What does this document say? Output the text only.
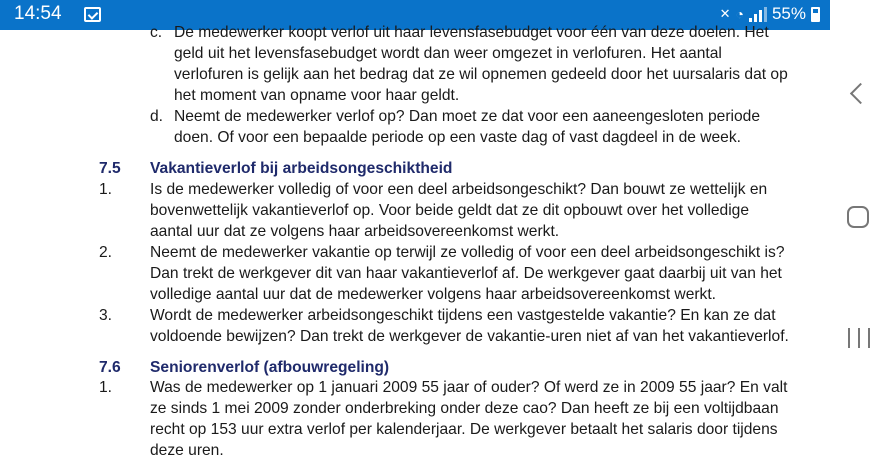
14:54	✕ ◔ 55%
c. De medewerker koopt verlof uit haar levensfasebudget voor één van deze doelen. Het
geld uit het levensfasebudget wordt dan weer omgezet in verlofuren. Het aantal
verlofuren is gelijk aan het bedrag dat ze wil opnemen gedeeld door het uursalaris dat op
het moment van opname voor haar geldt.
d. Neemt de medewerker verlof op? Dan moet ze dat voor een aaneengesloten periode
doen. Of voor een bepaalde periode op een vaste dag of vast dagdeel in de week.
7.5 Vakantieverlof bij arbeidsongeschiktheid
1. Is de medewerker volledig of voor een deel arbeidsongeschikt? Dan bouwt ze wettelijk en
bovenwettelijk vakantieverlof op. Voor beide geldt dat ze dit opbouwt over het volledige
aantal uur dat ze volgens haar arbeidsovereenkomst werkt.
2. Neemt de medewerker vakantie op terwijl ze volledig of voor een deel arbeidsongeschikt is?
Dan trekt de werkgever dit van haar vakantieverlof af. De werkgever gaat daarbij uit van het
volledige aantal uur dat de medewerker volgens haar arbeidsovereenkomst werkt.
3. Wordt de medewerker arbeidsongeschikt tijdens een vastgestelde vakantie? En kan ze dat
voldoende bewijzen? Dan trekt de werkgever de vakantie-uren niet af van het vakantieverlof.
7.6 Seniorenverlof (afbouwregeling)
1. Was de medewerker op 1 januari 2009 55 jaar of ouder? Of werd ze in 2009 55 jaar? En valt
ze sinds 1 mei 2009 zonder onderbreking onder deze cao? Dan heeft ze bij een voltijdbaan
recht op 153 uur extra verlof per kalenderjaar. De werkgever betaalt het salaris door tijdens
deze uren.
